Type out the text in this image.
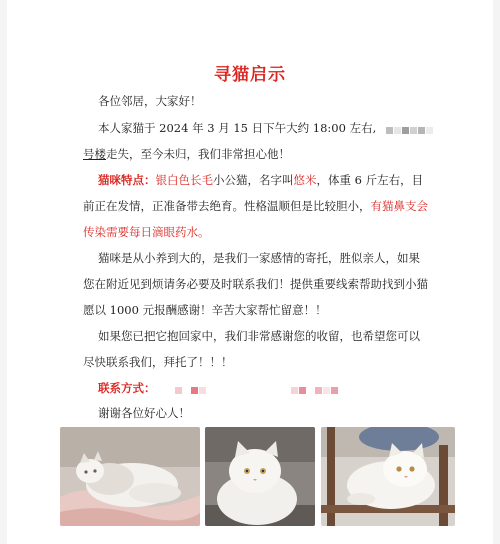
寻猫启示
各位邻居，大家好！
本人家猫于 2024 年 3 月 15 日下午大约 18:00 左右,
号楼走失，至今未归，我们非常担心他！
猫咪特点：银白色长毛小公猫，名字叫悠米，体重 6 斤左右，目
前正在发情，正准备带去绝育。性格温顺但是比较胆小，有猫鼻支会
传染需要每日滴眼药水。
猫咪是从小养到大的，是我们一家感情的寄托，胜似亲人，如果
您在附近见到烦请务必要及时联系我们！提供重要线索帮助找到小猫
愿以 1000 元报酬感谢！辛苦大家帮忙留意！！
如果您已把它抱回家中，我们非常感谢您的收留，也希望您可以
尽快联系我们，拜托了！！！
联系方式：
谢谢各位好心人！
